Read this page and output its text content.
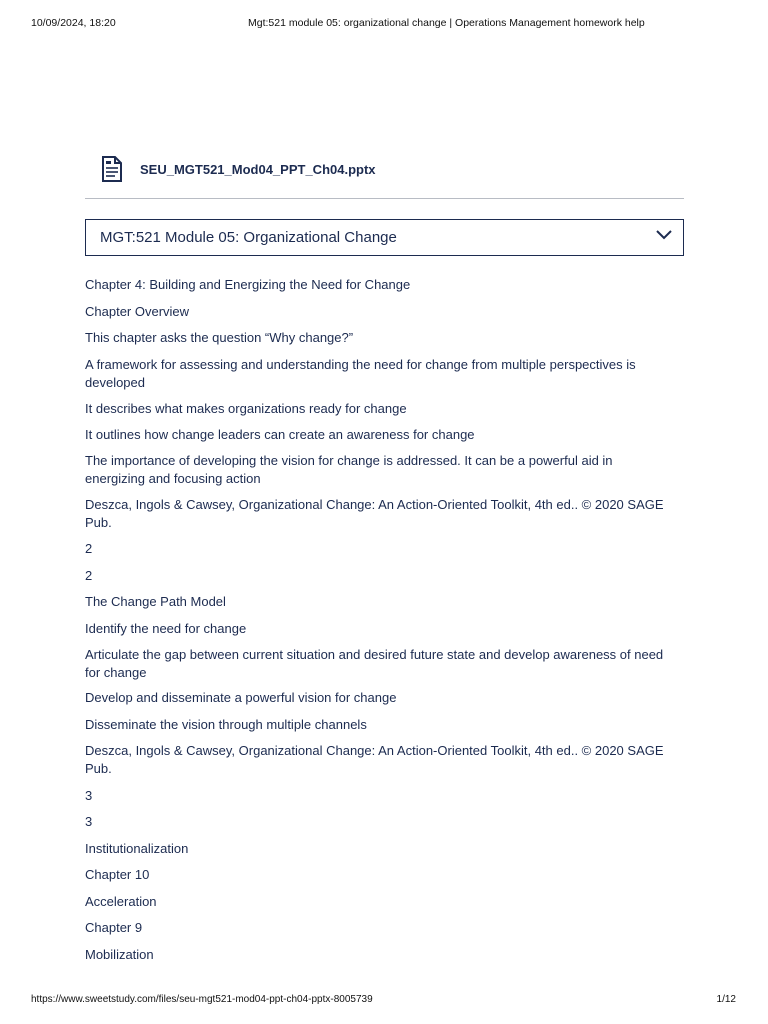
10/09/2024, 18:20	Mgt:521 module 05: organizational change | Operations Management homework help
SEU_MGT521_Mod04_PPT_Ch04.pptx
MGT:521 Module 05: Organizational Change

Chapter 4: Building and Energizing the Need for Change

Chapter Overview

This chapter asks the question “Why change?”

A framework for assessing and understanding the need for change from multiple perspectives is developed

It describes what makes organizations ready for change

It outlines how change leaders can create an awareness for change

The importance of developing the vision for change is addressed. It can be a powerful aid in energizing and focusing action

Deszca, Ingols & Cawsey, Organizational Change: An Action-Oriented Toolkit, 4th ed.. © 2020 SAGE Pub.

2

2

The Change Path Model

Identify the need for change

Articulate the gap between current situation and desired future state and develop awareness of need for change

Develop and disseminate a powerful vision for change

Disseminate the vision through multiple channels

Deszca, Ingols & Cawsey, Organizational Change: An Action-Oriented Toolkit, 4th ed.. © 2020 SAGE Pub.

3

3

Institutionalization

Chapter 10

Acceleration

Chapter 9

Mobilization

https://www.sweetstudy.com/files/seu-mgt521-mod04-ppt-ch04-pptx-8005739	1/12
